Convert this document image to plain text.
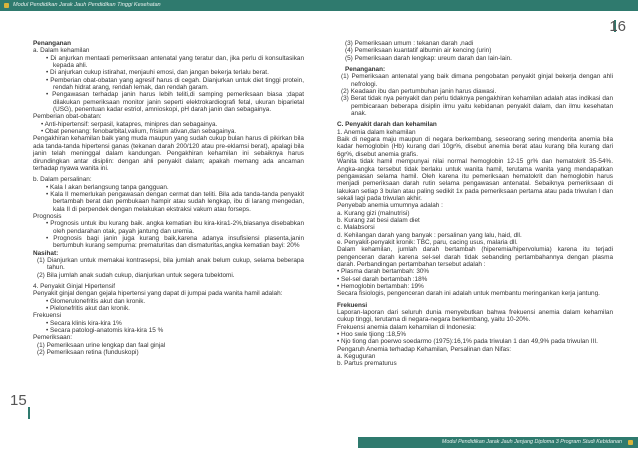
Modul Pendidikan Jarak Jauh Pendidikan Tinggi Kesehatan
16

Penanganan

a. Dalam kehamilan

• Di anjurkan mentaati pemeriksaan antenatal yang teratur dan, jika perlu di konsultasikan kepada ahli.

• Di anjurkan cukup istirahat, menjauhi emosi, dan jangan bekerja terlalu berat.

• Pemberian obat-obatan yang agresif harus di cegah. Dianjurkan untuk diet tinggi protein, rendah hidrat arang, rendah lemak, dan rendah garam.

• Pengawasan terhadap janin harus lebih teliti,di samping pemeriksaan biasa ;dapat dilakukan pemeriksaan monitor janin seperti elektrokardiografi fetal, ukuran biparietal (USG), penentuan kadar estriol, amnioskopi, pH darah janin dan sebagainya.

Pemberian obat-obatan:

• Anti-hipertensif: serpasil, katapres, minipres dan sebagainya.

• Obat penenang: fenobarbital,valium, frisium ativan,dan sebagainya.

Pengakhiran kehamilan baik yang muda maupun yang sudah cukup bulan harus di pikirkan bila ada tanda-tanda hipertensi ganas (tekanan darah 200/120 atau pre-eklamsi berat), apalagi bila janin telah meninggal dalam kandungan. Pengakhiran kehamilan ini sebaiknya harus dirundingkan antar disiplin: dengan ahli penyakit dalam; apakah memang ada ancaman terhadap nyawa wanita ini.

b. Dalam persalinan:

• Kala I akan berlangsung tanpa gangguan.

• Kala II memerlukan pengawasan dengan cermat dan teliti. Bila ada tanda-tanda penyakit bertambah berat dan pembukaan hampir atau sudah lengkap, ibu di larang mengedan, kala II di perpendek dengan melakukan ekstraksi vakum atau forseps.

Prognosis

• Prognosis untuk ibu kurang baik. angka kematian ibu kira-kira1-2%,biasanya disebabkan oleh pendarahan otak, payah jantung dan uremia.

• Prognosis bagi janin juga kurang baik,karena adanya insufisiensi plasenta,janin bertumbuh kurang sempurna: prematuritas dan dismaturitas,angka kematian bayi: 20%

Nasihat:

(1) Dianjurkan untuk memakai kontrasepsi, bila jumlah anak belum cukup, selama beberapa tahun.

(2) Bila jumlah anak sudah cukup, dianjurkan untuk segera tubektomi.

4. Penyakit Ginjal Hipertensif

Penyakit ginjal dengan gejala hipertensi yang dapat di jumpai pada wanita hamil adalah:

• Glomerulonefritis akut dan kronik.

• Pielonefritis akut dan kronik.

Frekuensi

• Secara klinis kira-kira 1%

• Secara patologi-anatomis kira-kira 15 %

Pemeriksaan:

(1) Pemeriksaan urine lengkap dan faal ginjal

(2) Pemeriksaan retina (funduskopi)

(3) Pemeriksaan umum : tekanan darah ,nadi

(4) Pemeriksaan kuantatif albumin air kencing (urin)

(5) Pemeriksaan darah lengkap: ureum darah dan lain-lain.

Penanganan:

(1) Pemeriksaan antenatal yang baik dimana pengobatan penyakit ginjal bekerja dengan ahli nefrologi.

(2) Keadaan ibu dan pertumbuhan janin harus diawasi.

(3) Berat tidak nya penyakit dan perlu tidaknya pengakhiran kehamilan adalah atas indikasi dan pembicaraan beberapa disiplin ilmu yaitu kebidanan penyakit dalam, dan ilmu kesehatan anak.

C. Penyakit darah dan kehamilan

1. Anemia dalam kehamilan

Baik di negara maju maupun di negara berkembang, seseorang sering menderita anemia bila kadar hemoglobin (Hb) kurang dari 10gr%, disebut anemia berat atau kurang bila kurang dari 6gr%, disebut anemia grafis.

Wanita tidak hamil mempunyai nilai normal hemoglobin 12-15 gr% dan hematokrit 35-54%. Angka-angka tersebut tidak berlaku untuk wanita hamil, terutama wanita yang mendapatkan pengawasan selama hamil. Oleh karena itu pemeriksaan hematokrit dan hemoglobin harus menjadi pemeriksaan darah rutin selama pengawasan antenatal. Sebaiknya pemeriksaan di lakukan setiap 3 bulan atau paling sedikit 1x pada pemeriksaan pertama atau pada triwulan I dan sekali lagi pada triwulan akhir.

Penyebab anemia umumnya adalah :

a. Kurang gizi (malnutrisi)

b. Kurang zat besi dalam diet

c. Malabsorsi

d. Kehilangan darah yang banyak : persalinan yang lalu, haid, dll.

e. Penyakit-penyakit kronik: TBC, paru, cacing usus, malaria dll.

Dalam kehamilan, jumlah darah bertambah (hiperemia/hipervolumia) karena itu terjadi pengenceran darah karena sel-sel darah tidak sebanding pertambahannya dengan plasma darah. Perbandingan pertambahan tersebut adalah :

• Plasma darah bertambah: 30%

• Sel-sel darah bertambah :18%

• Hemoglobin bertambah: 19%

Secara fisiologis, pengenceran darah ini adalah untuk membantu meringankan kerja jantung.

Frekuensi

Laporan-laporan dari seluruh dunia menyebutkan bahwa frekuensi anemia dalam kehamilan cukup tinggi, terutama di negara-negara berkembang, yaitu 10-20%.

Frekuensi anemia dalam kehamilan di Indonesia:

• Hoo swie tjiong :18,5%

• Njo tiong dan poerwo soedarmo (1975):16,1% pada triwulan 1 dan 49,9% pada triwulan III.

Pengaruh Anemia terhadap Kehamilan, Persalinan dan Nifas:

a. Keguguran

b. Partus prematurus

15
Modul Pendidikan Jarak Jauh Jenjang Diploma 3 Program Studi Kebidanan
